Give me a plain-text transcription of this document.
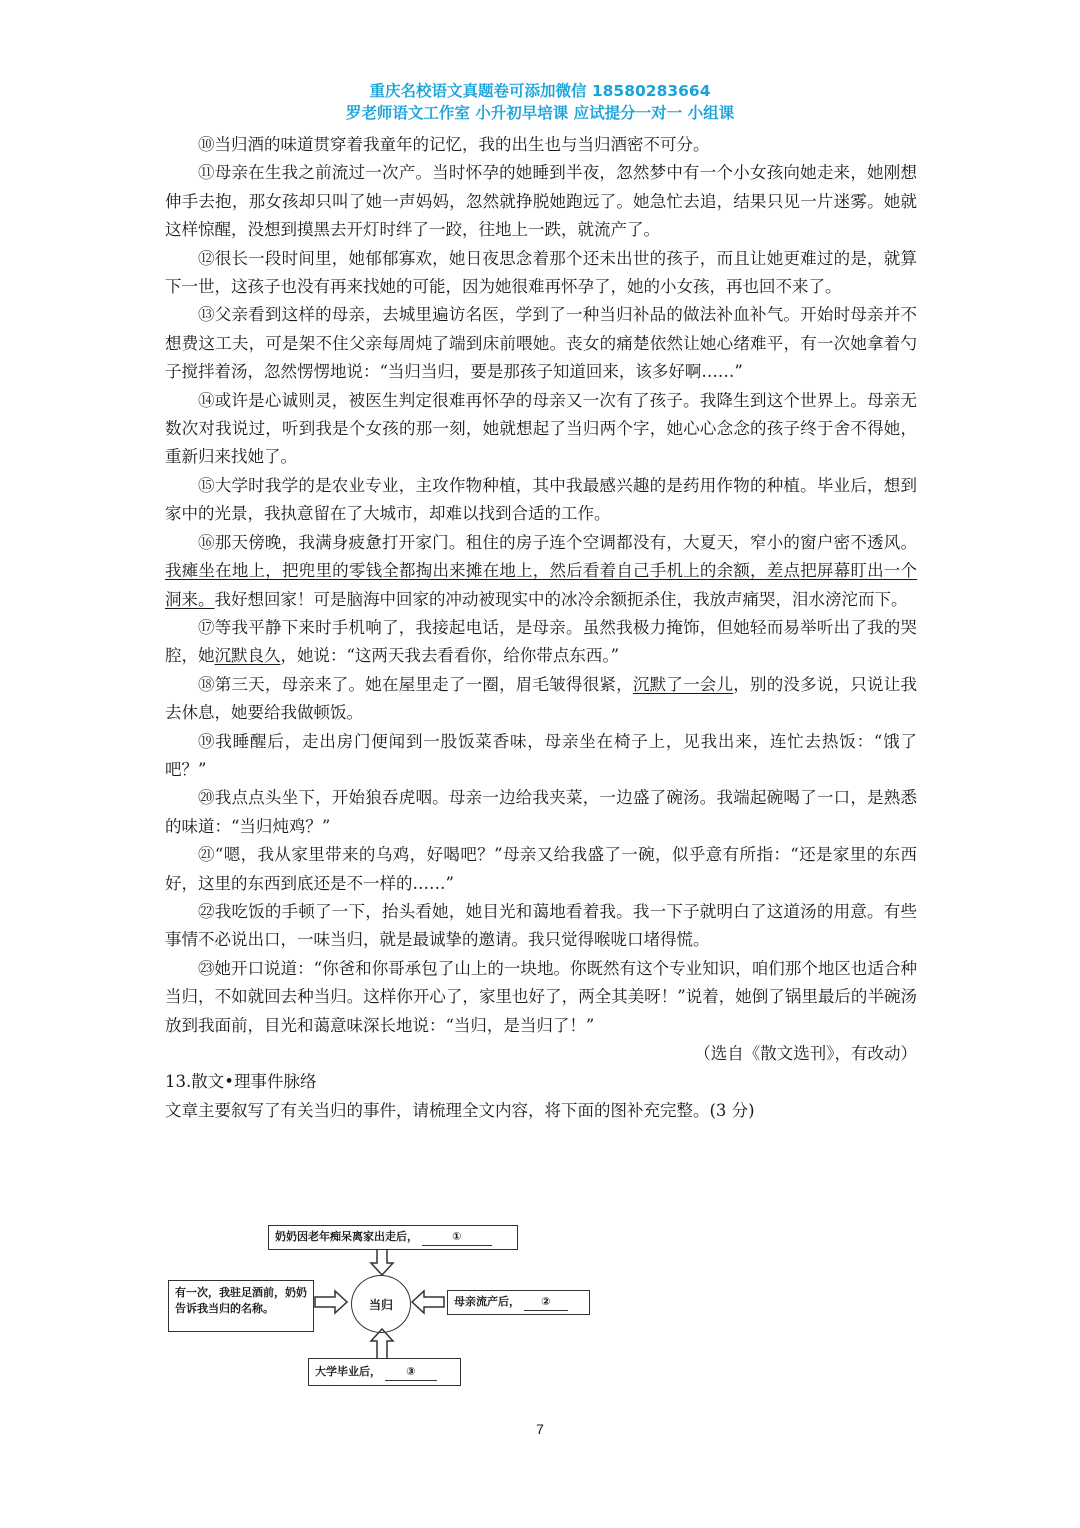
重庆名校语文真题卷可添加微信 18580283664
罗老师语文工作室 小升初早培课 应试提分一对一 小组课

⑩当归酒的味道贯穿着我童年的记忆，我的出生也与当归酒密不可分。

⑪母亲在生我之前流过一次产。当时怀孕的她睡到半夜，忽然梦中有一个小女孩向她走来，她刚想伸手去抱，那女孩却只叫了她一声妈妈，忽然就挣脱她跑远了。她急忙去追，结果只见一片迷雾。她就这样惊醒，没想到摸黑去开灯时绊了一跤，往地上一跌，就流产了。

⑫很长一段时间里，她郁郁寡欢，她日夜思念着那个还未出世的孩子，而且让她更难过的是，就算下一世，这孩子也没有再来找她的可能，因为她很难再怀孕了，她的小女孩，再也回不来了。

⑬父亲看到这样的母亲，去城里遍访名医，学到了一种当归补品的做法补血补气。开始时母亲并不想费这工夫，可是架不住父亲每周炖了端到床前喂她。丧女的痛楚依然让她心绪难平，有一次她拿着勺子搅拌着汤，忽然愣愣地说：“当归当归，要是那孩子知道回来，该多好啊……”

⑭或许是心诚则灵，被医生判定很难再怀孕的母亲又一次有了孩子。我降生到这个世界上。母亲无数次对我说过，听到我是个女孩的那一刻，她就想起了当归两个字，她心心念念的孩子终于舍不得她，重新归来找她了。

⑮大学时我学的是农业专业，主攻作物种植，其中我最感兴趣的是药用作物的种植。毕业后，想到家中的光景，我执意留在了大城市，却难以找到合适的工作。

⑯那天傍晚，我满身疲惫打开家门。租住的房子连个空调都没有，大夏天，窄小的窗户密不透风。我瘫坐在地上，把兜里的零钱全都掏出来摊在地上，然后看着自己手机上的余额，差点把屏幕盯出一个洞来。我好想回家！可是脑海中回家的冲动被现实中的冰冷余额扼杀住，我放声痛哭，泪水滂沱而下。

⑰等我平静下来时手机响了，我接起电话，是母亲。虽然我极力掩饰，但她轻而易举听出了我的哭腔，她沉默良久，她说：“这两天我去看看你，给你带点东西。”

⑱第三天，母亲来了。她在屋里走了一圈，眉毛皱得很紧，沉默了一会儿，别的没多说，只说让我去休息，她要给我做顿饭。

⑲我睡醒后，走出房门便闻到一股饭菜香味，母亲坐在椅子上，见我出来，连忙去热饭：“饿了吧？”

⑳我点点头坐下，开始狼吞虎咽。母亲一边给我夹菜，一边盛了碗汤。我端起碗喝了一口，是熟悉的味道：“当归炖鸡？”

㉑“嗯，我从家里带来的乌鸡，好喝吧？”母亲又给我盛了一碗，似乎意有所指：“还是家里的东西好，这里的东西到底还是不一样的……”

㉒我吃饭的手顿了一下，抬头看她，她目光和蔼地看着我。我一下子就明白了这道汤的用意。有些事情不必说出口，一味当归，就是最诚挚的邀请。我只觉得喉咙口堵得慌。

㉓她开口说道：“你爸和你哥承包了山上的一块地。你既然有这个专业知识，咱们那个地区也适合种当归，不如就回去种当归。这样你开心了，家里也好了，两全其美呀！”说着，她倒了锅里最后的半碗汤放到我面前，目光和蔼意味深长地说：“当归，是当归了！”

（选自《散文选刊》，有改动）

13.散文•理事件脉络

文章主要叙写了有关当归的事件，请梳理全文内容，将下面的图补充完整。(3 分)

奶奶因老年痴呆离家出走后，	①
有一次，我驻足酒前，奶奶告诉我当归的名称。	当归	母亲流产后， ②
大学毕业后， ③
7
